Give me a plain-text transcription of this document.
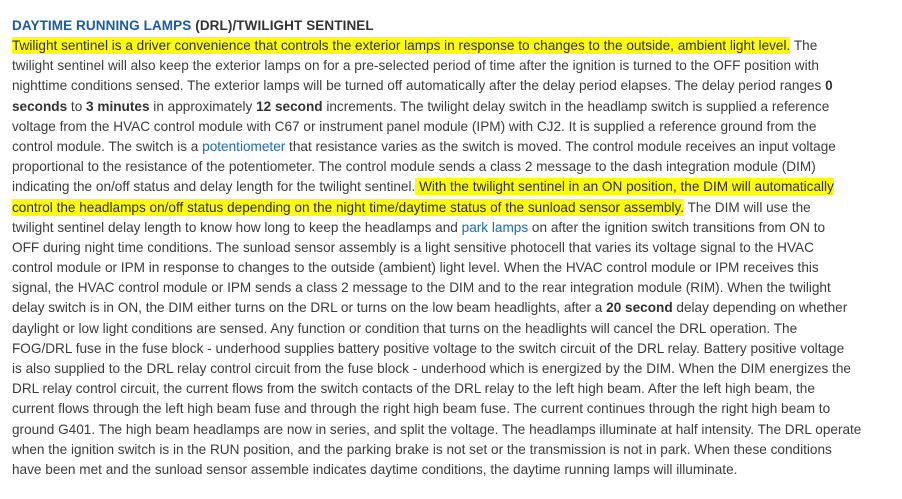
DAYTIME RUNNING LAMPS (DRL)/TWILIGHT SENTINEL
Twilight sentinel is a driver convenience that controls the exterior lamps in response to changes to the outside, ambient light level. The
twilight sentinel will also keep the exterior lamps on for a pre-selected period of time after the ignition is turned to the OFF position with
nighttime conditions sensed. The exterior lamps will be turned off automatically after the delay period elapses. The delay period ranges 0
seconds to 3 minutes in approximately 12 second increments. The twilight delay switch in the headlamp switch is supplied a reference
voltage from the HVAC control module with C67 or instrument panel module (IPM) with CJ2. It is supplied a reference ground from the
control module. The switch is a potentiometer that resistance varies as the switch is moved. The control module receives an input voltage
proportional to the resistance of the potentiometer. The control module sends a class 2 message to the dash integration module (DIM)
indicating the on/off status and delay length for the twilight sentinel. With the twilight sentinel in an ON position, the DIM will automatically
control the headlamps on/off status depending on the night time/daytime status of the sunload sensor assembly. The DIM will use the
twilight sentinel delay length to know how long to keep the headlamps and park lamps on after the ignition switch transitions from ON to
OFF during night time conditions. The sunload sensor assembly is a light sensitive photocell that varies its voltage signal to the HVAC
control module or IPM in response to changes to the outside (ambient) light level. When the HVAC control module or IPM receives this
signal, the HVAC control module or IPM sends a class 2 message to the DIM and to the rear integration module (RIM). When the twilight
delay switch is in ON, the DIM either turns on the DRL or turns on the low beam headlights, after a 20 second delay depending on whether
daylight or low light conditions are sensed. Any function or condition that turns on the headlights will cancel the DRL operation. The
FOG/DRL fuse in the fuse block - underhood supplies battery positive voltage to the switch circuit of the DRL relay. Battery positive voltage
is also supplied to the DRL relay control circuit from the fuse block - underhood which is energized by the DIM. When the DIM energizes the
DRL relay control circuit, the current flows from the switch contacts of the DRL relay to the left high beam. After the left high beam, the
current flows through the left high beam fuse and through the right high beam fuse. The current continues through the right high beam to
ground G401. The high beam headlamps are now in series, and split the voltage. The headlamps illuminate at half intensity. The DRL operate
when the ignition switch is in the RUN position, and the parking brake is not set or the transmission is not in park. When these conditions
have been met and the sunload sensor assemble indicates daytime conditions, the daytime running lamps will illuminate.
